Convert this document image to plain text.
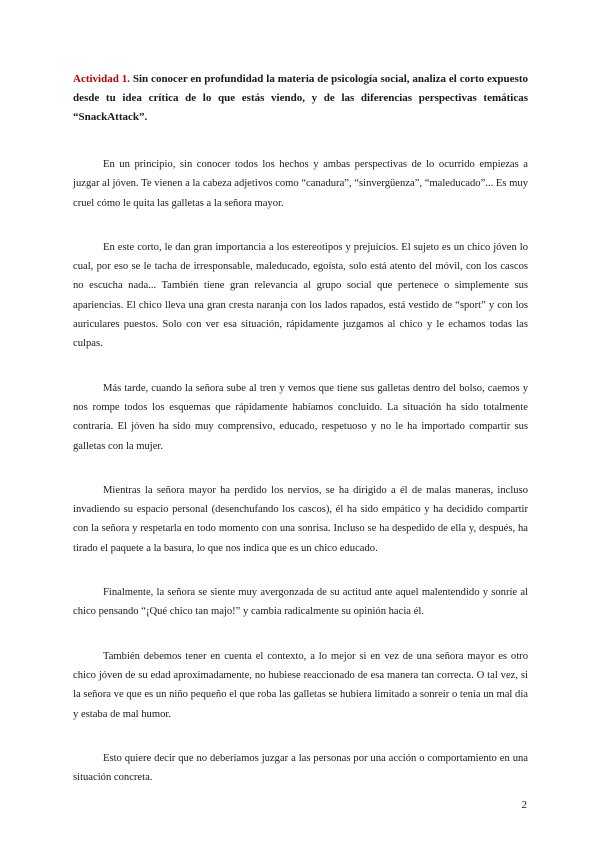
Actividad 1. Sin conocer en profundidad la materia de psicología social, analiza el corto expuesto desde tu idea crítica de lo que estás viendo, y de las diferencias perspectivas temáticas “SnackAttack”.

En un principio, sin conocer todos los hechos y ambas perspectivas de lo ocurrido empiezas a juzgar al jóven. Te vienen a la cabeza adjetivos como “canadura”, “sinvergüenza”, “maleducado”... Es muy cruel cómo le quita las galletas a la señora mayor.

En este corto, le dan gran importancia a los estereotipos y prejuicios. El sujeto es un chico jóven lo cual, por eso se le tacha de irresponsable, maleducado, egoísta, solo está atento del móvil, con los cascos no escucha nada... También tiene gran relevancia al grupo social que pertenece o simplemente sus apariencias. El chico lleva una gran cresta naranja con los lados rapados, está vestido de “sport” y con los auriculares puestos. Solo con ver esa situación, rápidamente juzgamos al chico y le echamos todas las culpas.

Más tarde, cuando la señora sube al tren y vemos que tiene sus galletas dentro del bolso, caemos y nos rompe todos los esquemas que rápidamente habíamos concluido. La situación ha sido totalmente contraria. El jóven ha sido muy comprensivo, educado, respetuoso y no le ha importado compartir sus galletas con la mujer.

Mientras la señora mayor ha perdido los nervios, se ha dirigido a él de malas maneras, incluso invadiendo su espacio personal (desenchufando los cascos), él ha sido empático y ha decidido compartir con la señora y respetarla en todo momento con una sonrisa. Incluso se ha despedido de ella y, después, ha tirado el paquete a la basura, lo que nos indica que es un chico educado.

Finalmente, la señora se siente muy avergonzada de su actitud ante aquel malentendido y sonríe al chico pensando “¡Qué chico tan majo!” y cambia radicalmente su opinión hacia él.

También debemos tener en cuenta el contexto, a lo mejor si en vez de una señora mayor es otro chico jóven de su edad aproximadamente, no hubiese reaccionado de esa manera tan correcta. O tal vez, si la señora ve que es un niño pequeño el que roba las galletas se hubiera limitado a sonreír o tenía un mal día y estaba de mal humor.

Esto quiere decir que no deberíamos juzgar a las personas por una acción o comportamiento en una situación concreta.

2
